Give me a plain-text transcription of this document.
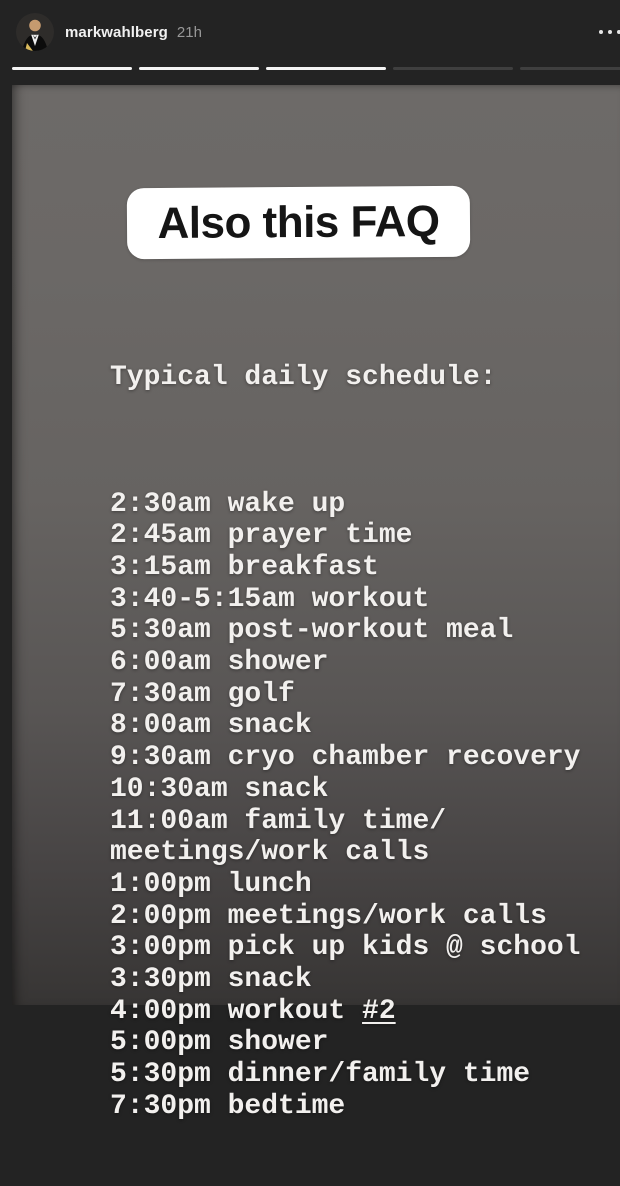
markwahlberg 21h
Also this FAQ

Typical daily schedule:

2:30am wake up
2:45am prayer time
3:15am breakfast
3:40-5:15am workout
5:30am post-workout meal
6:00am shower
7:30am golf
8:00am snack
9:30am cryo chamber recovery
10:30am snack
11:00am family time/
meetings/work calls
1:00pm lunch
2:00pm meetings/work calls
3:00pm pick up kids @ school
3:30pm snack
4:00pm workout #2
5:00pm shower
5:30pm dinner/family time
7:30pm bedtime
